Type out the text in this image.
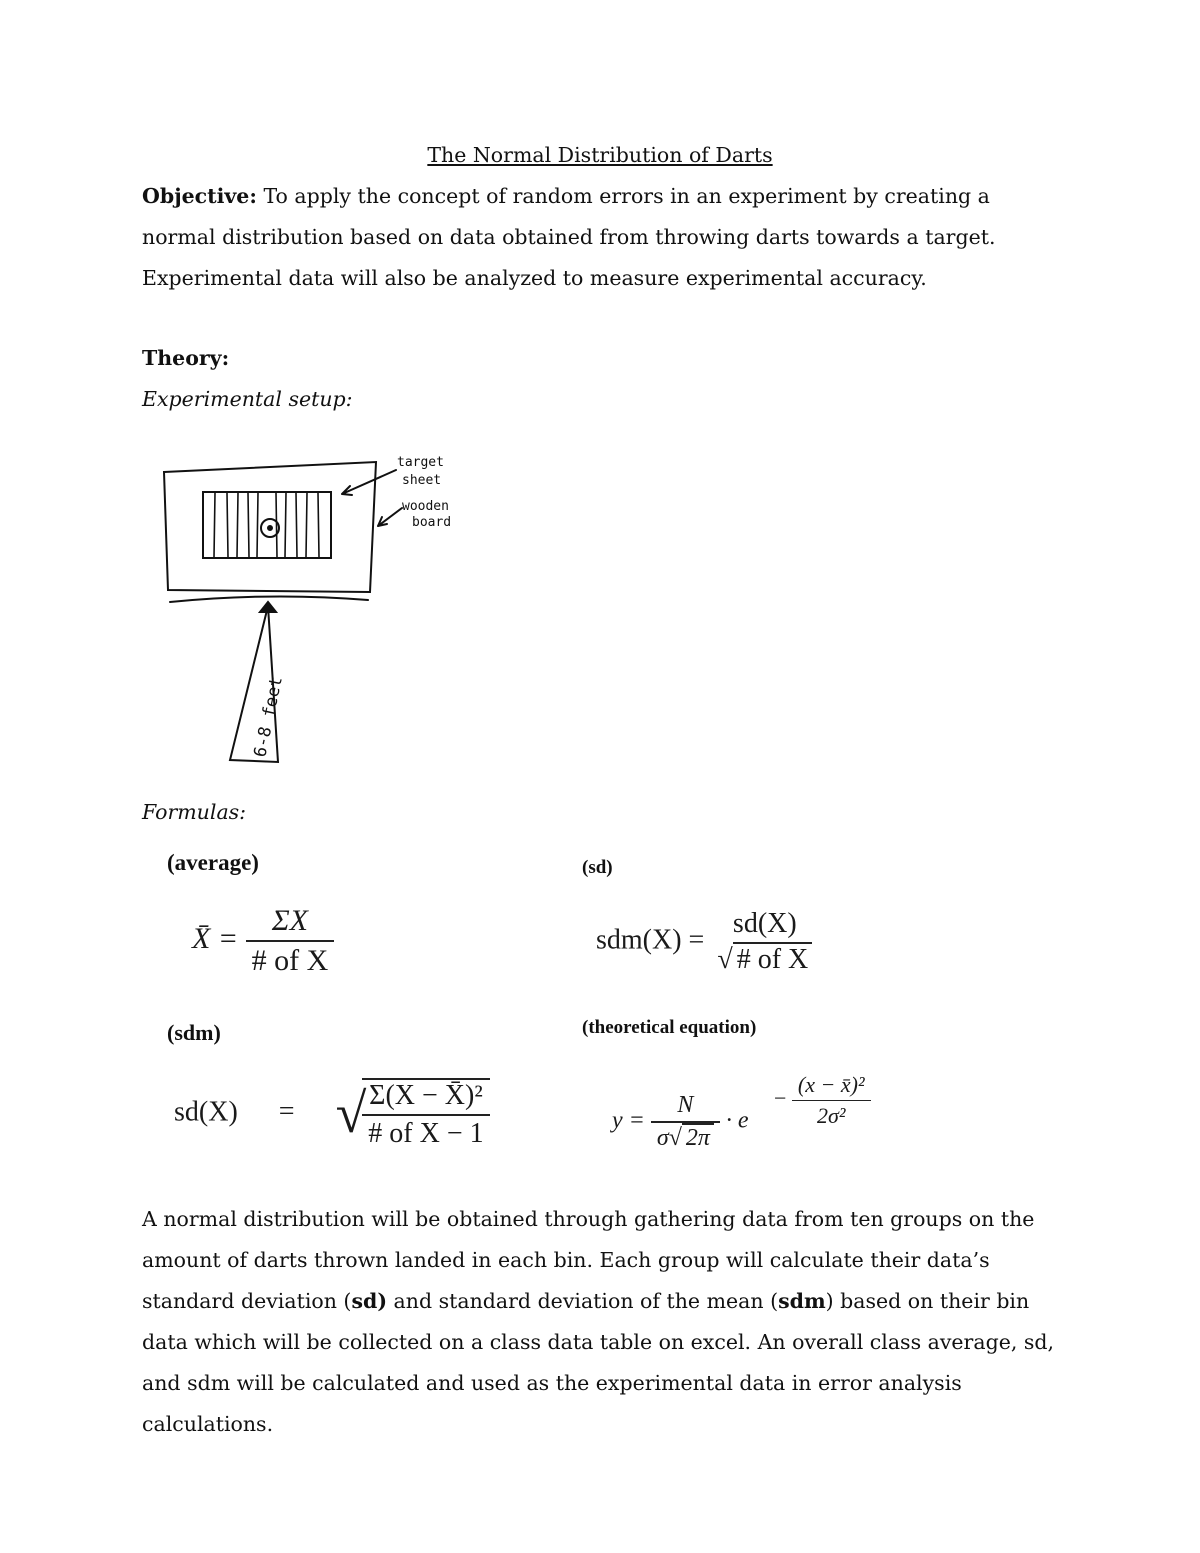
The Normal Distribution of Darts
Objective: To apply the concept of random errors in an experiment by creating a normal distribution based on data obtained from throwing darts towards a target. Experimental data will also be analyzed to measure experimental accuracy.
Theory:
Experimental setup:
target
sheet
wooden
board
6-8 feet
Formulas:
(average)	(sd)
(sdm)	(theoretical equation)
X̄ = $\frac{\Sigma X}{\text{\# of X}}$	sdm(X) =
sd(X)
√ # of X
sd(X) = √
$\frac{\text{Σ(X − X̄)²}}{\text{\# of X − 1}}$	$y = \frac{N}{\sigma√ 2\pi} \cdot e$
− $\frac{\text{(x − x̄)²}}{\text{2σ²}}$
A normal distribution will be obtained through gathering data from ten groups on the amount of darts thrown landed in each bin. Each group will calculate their data’s standard deviation (sd) and standard deviation of the mean (sdm) based on their bin data which will be collected on a class data table on excel. An overall class average, sd, and sdm will be calculated and used as the experimental data in error analysis calculations.
